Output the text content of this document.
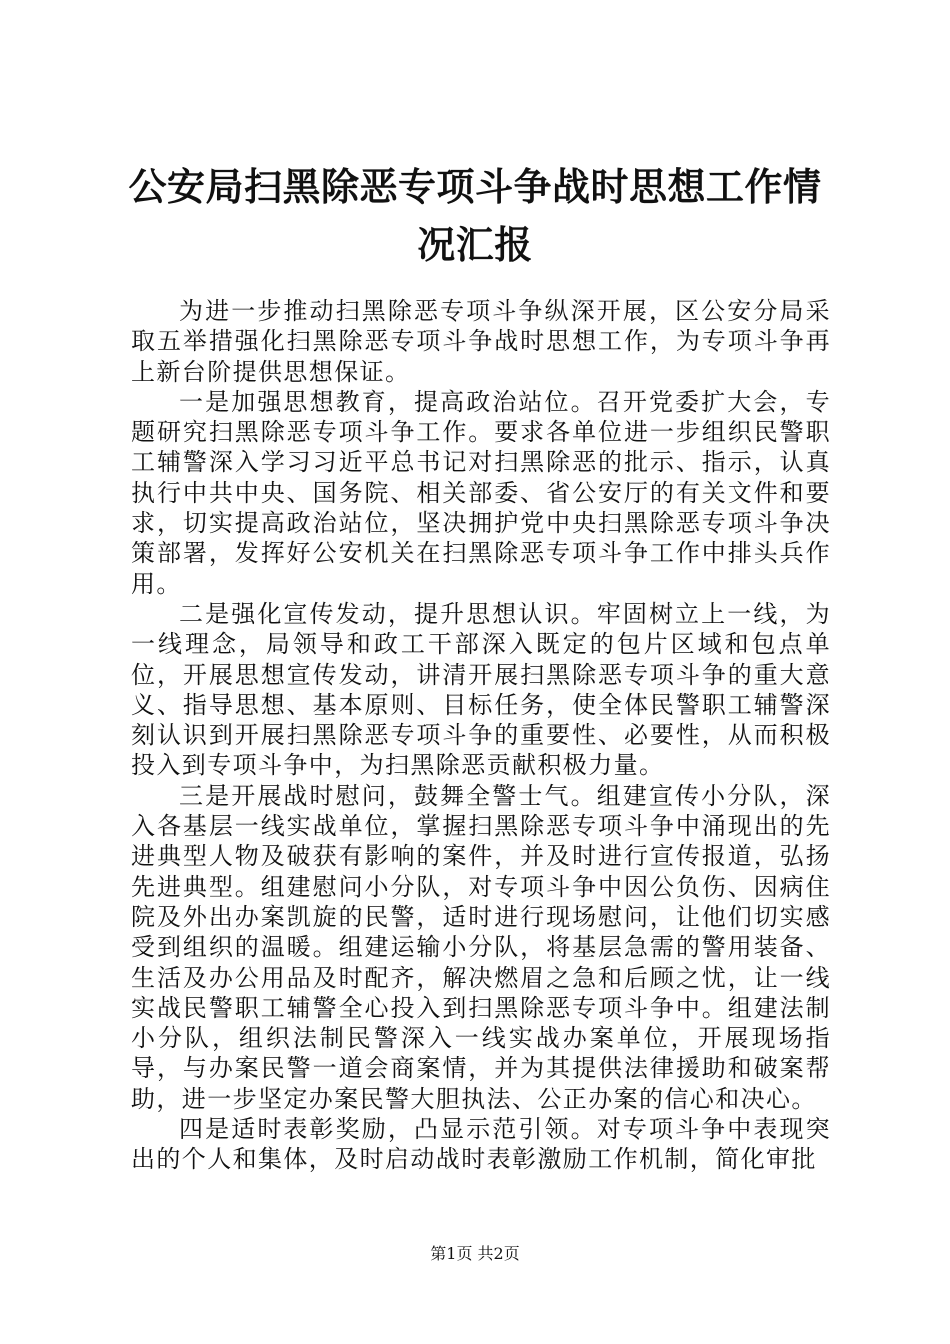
公安局扫黑除恶专项斗争战时思想工作情况汇报

为进一步推动扫黑除恶专项斗争纵深开展，区公安分局采取五举措强化扫黑除恶专项斗争战时思想工作，为专项斗争再上新台阶提供思想保证。

一是加强思想教育，提高政治站位。召开党委扩大会，专题研究扫黑除恶专项斗争工作。要求各单位进一步组织民警职工辅警深入学习习近平总书记对扫黑除恶的批示、指示，认真执行中共中央、国务院、相关部委、省公安厅的有关文件和要求，切实提高政治站位，坚决拥护党中央扫黑除恶专项斗争决策部署，发挥好公安机关在扫黑除恶专项斗争工作中排头兵作用。

二是强化宣传发动，提升思想认识。牢固树立上一线，为一线理念，局领导和政工干部深入既定的包片区域和包点单位，开展思想宣传发动，讲清开展扫黑除恶专项斗争的重大意义、指导思想、基本原则、目标任务，使全体民警职工辅警深刻认识到开展扫黑除恶专项斗争的重要性、必要性，从而积极投入到专项斗争中，为扫黑除恶贡献积极力量。

三是开展战时慰问，鼓舞全警士气。组建宣传小分队，深入各基层一线实战单位，掌握扫黑除恶专项斗争中涌现出的先进典型人物及破获有影响的案件，并及时进行宣传报道，弘扬先进典型。组建慰问小分队，对专项斗争中因公负伤、因病住院及外出办案凯旋的民警，适时进行现场慰问，让他们切实感受到组织的温暖。组建运输小分队，将基层急需的警用装备、生活及办公用品及时配齐，解决燃眉之急和后顾之忧，让一线实战民警职工辅警全心投入到扫黑除恶专项斗争中。组建法制小分队，组织法制民警深入一线实战办案单位，开展现场指导，与办案民警一道会商案情，并为其提供法律援助和破案帮助，进一步坚定办案民警大胆执法、公正办案的信心和决心。

四是适时表彰奖励，凸显示范引领。对专项斗争中表现突出的个人和集体，及时启动战时表彰激励工作机制，简化审批

第1页 共2页
